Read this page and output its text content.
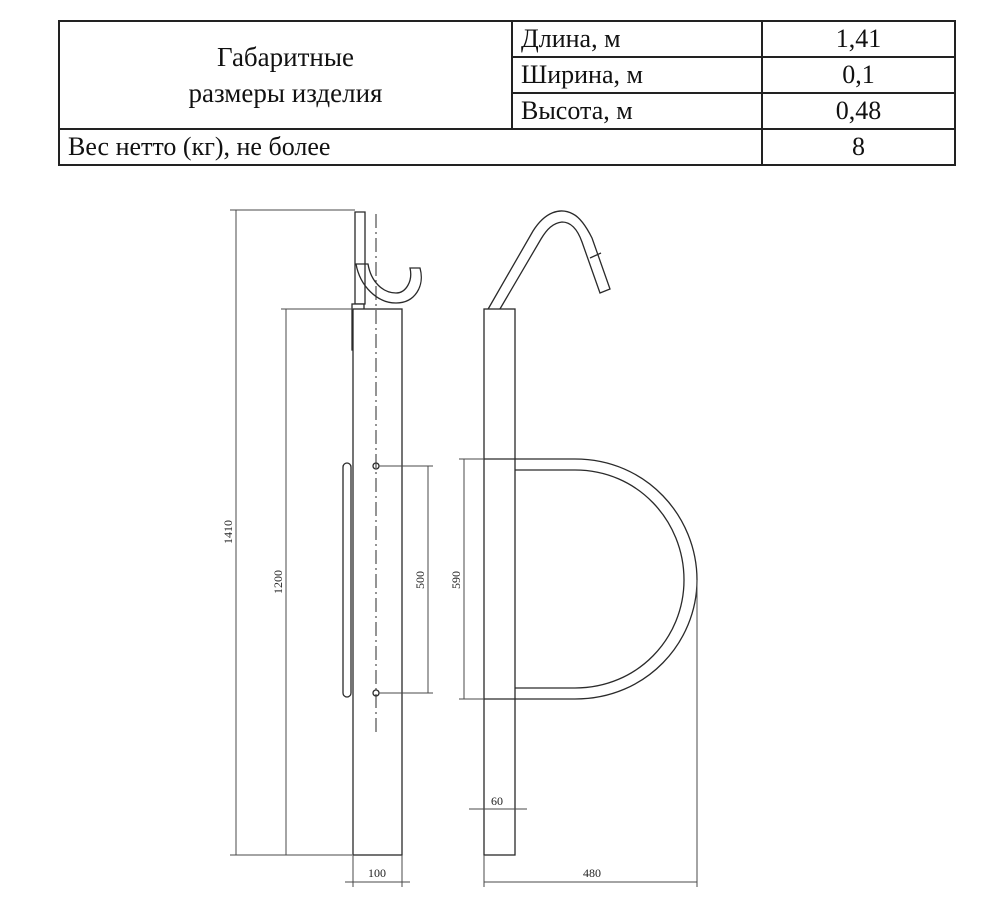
Габаритные
размеры изделия	Длина, м	1,41
	Ширина, м	0,1
	Высота, м	0,48
Вес нетто (кг), не более		8
1410
1200	500 590
100
60
480
